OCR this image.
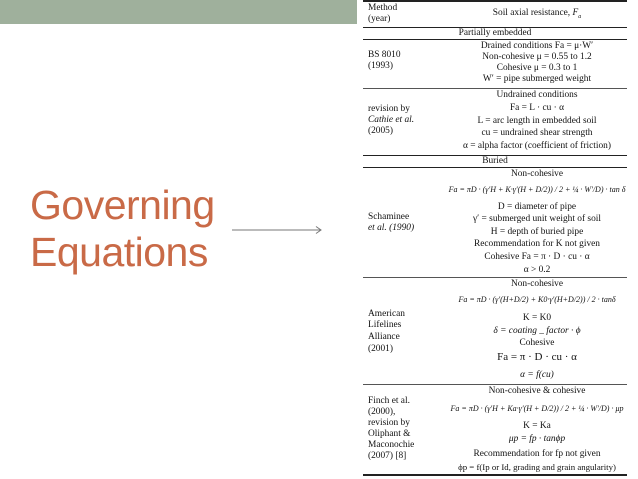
Governing
Equations
Method
(year)
Soil axial resistance, $F_a$
Partially embedded
BS 8010
(1993)
Drained conditions Fa = μ·W′
Non-cohesive μ = 0.55 to 1.2
Cohesive μ = 0.3 to 1
W′ = pipe submerged weight
revision by
Cathie et al.
(2005)
Undrained conditions
Fa = L · cu · α
L = arc length in embedded soil
cu = undrained shear strength
α = alpha factor (coefficient of friction)
Buried
Schaminee
et al. (1990)
Non-cohesive
Fa = πD · (γ′H + K·γ′(H + D/2)) / 2 + ¼ · W′/D) · tan δ
D = diameter of pipe
γ′ = submerged unit weight of soil
H = depth of buried pipe
Recommendation for K not given
Cohesive Fa = π · D · cu · α
α > 0.2
American
Lifelines
Alliance
(2001)
Non-cohesive
Fa = πD · (γ′(H+D/2) + K0·γ′(H+D/2)) / 2 · tanδ
K = K0
δ = coating _ factor · ϕ
Cohesive
Fa = π · D · cu · α
α = f(cu)
Finch et al.
(2000),
revision by
Oliphant &
Maconochie
(2007) [8]
Non-cohesive & cohesive
Fa = πD · (γ′H + Ka·γ′(H + D/2)) / 2 + ¼ · W′/D) · μp
K = Ka
μp = fp · tanϕp
Recommendation for fp not given
ϕp = f(Ip or Id, grading and grain angularity)
